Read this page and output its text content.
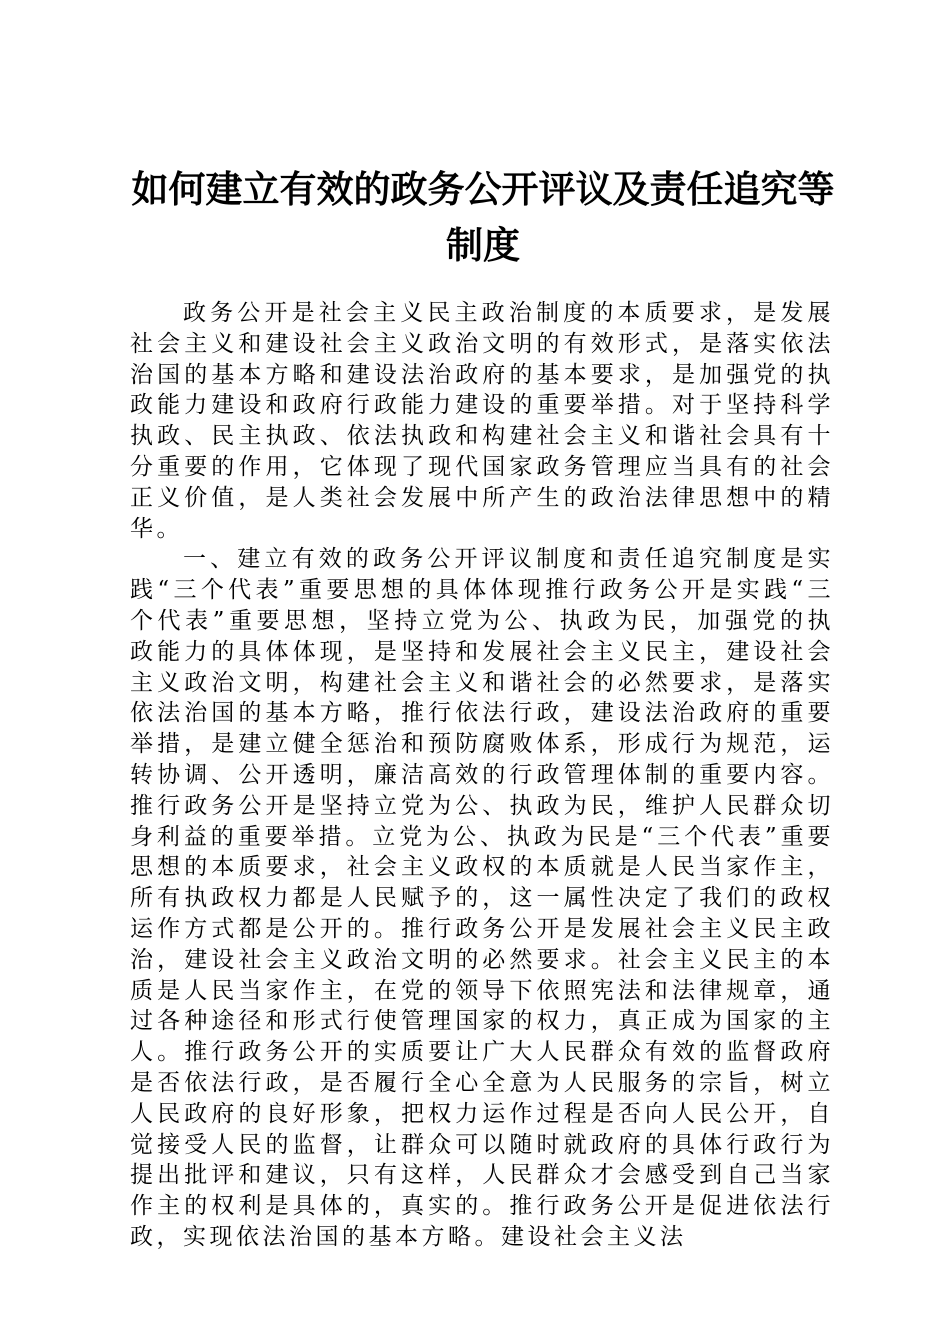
如何建立有效的政务公开评议及责任追究等制度

政务公开是社会主义民主政治制度的本质要求，是发展社会主义和建设社会主义政治文明的有效形式，是落实依法治国的基本方略和建设法治政府的基本要求，是加强党的执政能力建设和政府行政能力建设的重要举措。对于坚持科学执政、民主执政、依法执政和构建社会主义和谐社会具有十分重要的作用，它体现了现代国家政务管理应当具有的社会正义价值，是人类社会发展中所产生的政治法律思想中的精华。

一、建立有效的政务公开评议制度和责任追究制度是实践“三个代表”重要思想的具体体现推行政务公开是实践“三个代表”重要思想，坚持立党为公、执政为民，加强党的执政能力的具体体现，是坚持和发展社会主义民主，建设社会主义政治文明，构建社会主义和谐社会的必然要求，是落实依法治国的基本方略，推行依法行政，建设法治政府的重要举措，是建立健全惩治和预防腐败体系，形成行为规范，运转协调、公开透明，廉洁高效的行政管理体制的重要内容。推行政务公开是坚持立党为公、执政为民，维护人民群众切身利益的重要举措。立党为公、执政为民是“三个代表”重要思想的本质要求，社会主义政权的本质就是人民当家作主，所有执政权力都是人民赋予的，这一属性决定了我们的政权运作方式都是公开的。推行政务公开是发展社会主义民主政治，建设社会主义政治文明的必然要求。社会主义民主的本质是人民当家作主，在党的领导下依照宪法和法律规章，通过各种途径和形式行使管理国家的权力，真正成为国家的主人。推行政务公开的实质要让广大人民群众有效的监督政府是否依法行政，是否履行全心全意为人民服务的宗旨，树立人民政府的良好形象，把权力运作过程是否向人民公开，自觉接受人民的监督，让群众可以随时就政府的具体行政行为提出批评和建议，只有这样，人民群众才会感受到自己当家作主的权利是具体的，真实的。推行政务公开是促进依法行政，实现依法治国的基本方略。建设社会主义法
